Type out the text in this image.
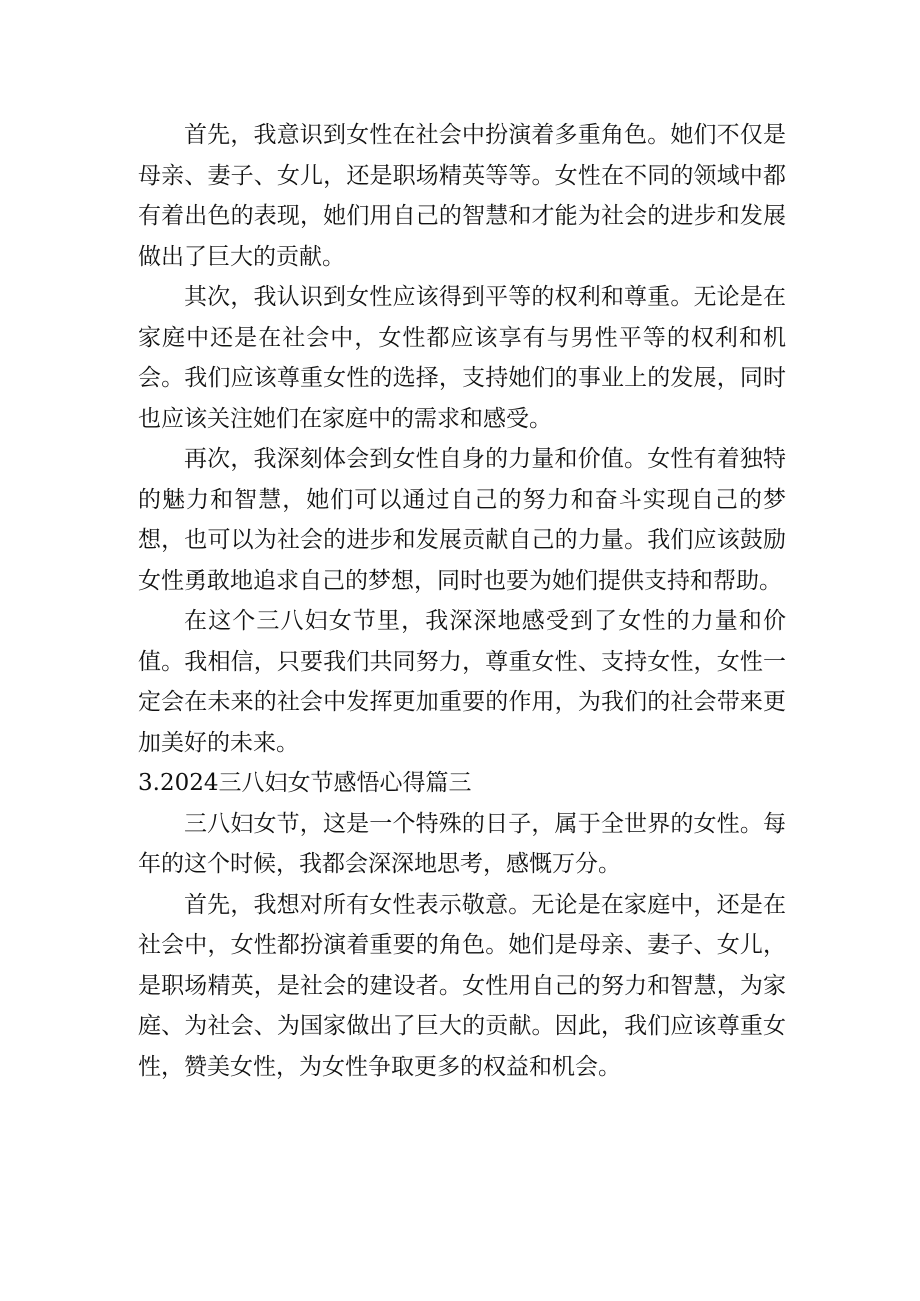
首先，我意识到女性在社会中扮演着多重角色。她们不仅是母亲、妻子、女儿，还是职场精英等等。女性在不同的领域中都有着出色的表现，她们用自己的智慧和才能为社会的进步和发展做出了巨大的贡献。

其次，我认识到女性应该得到平等的权利和尊重。无论是在家庭中还是在社会中，女性都应该享有与男性平等的权利和机会。我们应该尊重女性的选择，支持她们的事业上的发展，同时也应该关注她们在家庭中的需求和感受。

再次，我深刻体会到女性自身的力量和价值。女性有着独特的魅力和智慧，她们可以通过自己的努力和奋斗实现自己的梦想，也可以为社会的进步和发展贡献自己的力量。我们应该鼓励女性勇敢地追求自己的梦想，同时也要为她们提供支持和帮助。

在这个三八妇女节里，我深深地感受到了女性的力量和价值。我相信，只要我们共同努力，尊重女性、支持女性，女性一定会在未来的社会中发挥更加重要的作用，为我们的社会带来更加美好的未来。

3.2024三八妇女节感悟心得篇三

三八妇女节，这是一个特殊的日子，属于全世界的女性。每年的这个时候，我都会深深地思考，感慨万分。

首先，我想对所有女性表示敬意。无论是在家庭中，还是在社会中，女性都扮演着重要的角色。她们是母亲、妻子、女儿，是职场精英，是社会的建设者。女性用自己的努力和智慧，为家庭、为社会、为国家做出了巨大的贡献。因此，我们应该尊重女性，赞美女性，为女性争取更多的权益和机会。
